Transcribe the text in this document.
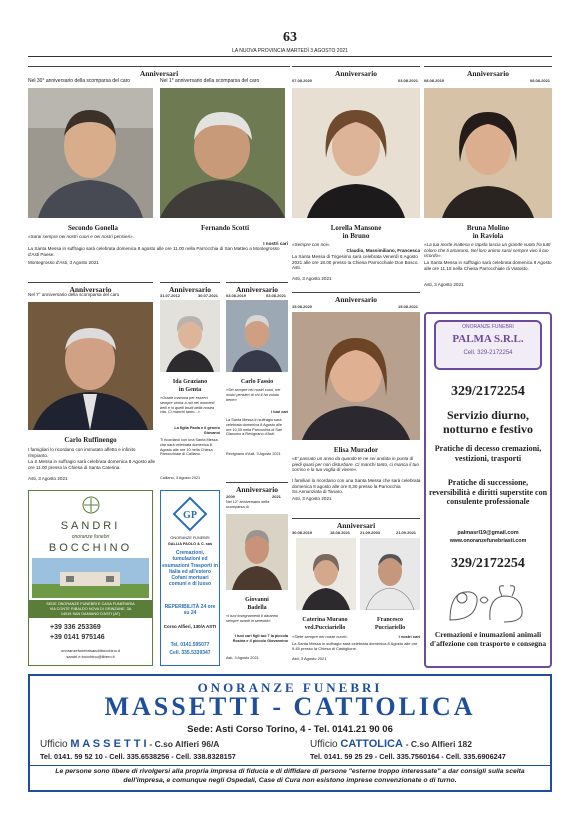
63
LA NUOVA PROVINCIA MARTEDÌ 3 AGOSTO 2021
Anniversari
Nel 30° anniversario della scomparsa del caro
Secondo Gonella
«Sarai sempre nei nostri cuori e nei nostri pensieri».
La Santa Messa in suffragio sarà celebrata domenica 8 agosto alle ore 11.00 nella Parrocchia di San Matteo a Montegrosso d'Asti Paese.
Montegrosso d'Asti, 3 Agosto 2021
Nel 1° anniversario della scomparsa del caro
Fernando Scotti
I nostri cari
Anniversario
07.08.2020	03.08.2021
Lorella Mansone
in Bruno
«Sempre con noi».
Claudio, Massimiliano, Francesca
La Santa Messa di Trigesimo sarà celebrata Venerdì 6 Agosto 2021 alle ore 18.00 presso la Chiesa Parrocchiale Don Bosco. Asti.
Asti, 3 Agosto 2021
Anniversario
08.08.2019	08.08.2021
Bruna Molino
in Raviola
«La tua morte inattesa e rapida lascia un grande vuoto fra tutti coloro che ti amarono. Nel loro animo sarai sempre vivo il tuo ricordo».
La Santa Messa in suffragio sarà celebrata domenica 8 Agosto alle ore 11.15 nella Chiesa Parrocchiale di Viatosto.
Asti, 3 Agosto 2021
Anniversario
Nel 7° anniversario della scomparsa del caro
Carlo Ruffinengo
I famigliari lo ricordano con immutato affetto e infinito rimpianto.
La S.Messa in suffragio sarà celebrata domenica 8 Agosto alle ore 11.00 presso la Chiesa di Santa Caterina.
Asti, 3 Agosto 2021
Anniversario
31.07.2012	30.07.2021
Ida Graziano
in Genta
«Grazie mamma per esserci sempre vicina a noi nei momenti belli e in quelli brutti della nostra vita. Ci manchi tanto...».
La figlia Paola e il genero Giovanni
Ti ricordano con una Santa Messa che sarà celebrata domenica 8 Agosto alle ore 10 nella Chiesa Parrocchiale di Calliano.
Calliano, 3 Agosto 2021
Anniversario
03.08.2019	03.08.2021
Carlo Fassio
«Sei sempre nei nostri cuori, nei nostri pensieri di chi ti ha voluto bene».
I tuoi cari
La Santa Messa in suffragio sarà celebrata domenica 8 Agosto alle ore 10,00 nella Parrocchia di San Giacomo a Revignano d'Asti.
Revignano d'Asti, 3 Agosto 2021
Anniversario
15.08.2020	15.08.2021
Elisa Murador
«E' passato un anno da quando te ne sei andata in punta di piedi quasi per non disturbare. Ci manchi tanto, ci manca il tuo sorriso e la tua voglia di vivere».
I familiari lo ricordano con una Santa Messa che sarà celebrata domenica 8 agosto alle ore 8,30 presso la Parrocchia Ss.Annunziata di Tanaro.
Asti, 3 Agosto 2021
ONORANZE FUNEBRI
PALMA S.R.L.
Cell. 329-2172254
329/2172254
Servizio diurno, notturno e festivo
Pratiche di decesso cremazioni, vestizioni, trasporti
Pratiche di successione, reversibilità e diritti superstite con consulente professionale
palmasrl19@gmail.com
www.onoranzefunebriasti.com
329/2172254
Cremazioni e inumazioni animali d'affezione con trasporto e consegna
SANDRI
onoranze funebri
BOCCHINO
SEDE ONORANZE FUNEBRI E CASA FUNERARIA
VIA CONTE RIBALDO NOVA DI GRINZANE, 3A
14015 SAN DAMIANO D'ASTI (AT)
+39 336 253369
+39 0141 975146
onoranzefunebrisandribocchino.it
sandri.e.bocchino@libero.it
GP
ONORANZE FUNEBRI
GALLIA PAOLO & C. sas
Cremazioni, tumulazioni ed esumazioni Trasporti in Italia ed all'estero Cofani mortuari comuni e di lusso
REPERIBILITÀ 24 ore su 24
Corso Alfieri, 130/A ASTI
Tel. 0141.595077
Cell. 335.5339347
Anniversario
2009	2021
Nel 12° anniversario della scomparsa di
Giovanni
Badella
«I tuoi insegnamenti ti daranno sempre avanti in serenità».
I tuoi cari figli tuo 7 la piccola Rosina e il piccolo Giovannino
Asti, 3 Agosto 2021
Anniversari
30.08.2019	18.08.2021 21.09.2003	21.09.2021
Caterina Murano
ved.Pucciariello
Francesco
Pucciariello
«Siete sempre nei nostri cuori».	I vostri cari
La Santa Messa in suffragio sarà celebrata domenica 8 Agosto alle ore 9.45 presso la Chiesa di Castiglione.
Asti, 3 Agosto 2021
ONORANZE FUNEBRI
MASSETTI - CATTOLICA
Sede: Asti Corso Torino, 4 - Tel. 0141.21 90 06
Ufficio M A S S E T T I - C.so Alfieri 96/A	Ufficio CATTOLICA - C.so Alfieri 182
Tel. 0141. 59 52 10 - Cell. 335.6538256 - Cell. 338.8328157	Tel. 0141. 59 25 29 - Cell. 335.7560164 - Cell. 335.6906247
Le persone sono libere di rivolgersi alla propria impresa di fiducia e di diffidare di persone "esterne troppo interessate" a dar consigli sulla scelta dell'impresa, e comunque negli Ospedali, Case di Cura non esistono imprese convenzionate o di turno.
